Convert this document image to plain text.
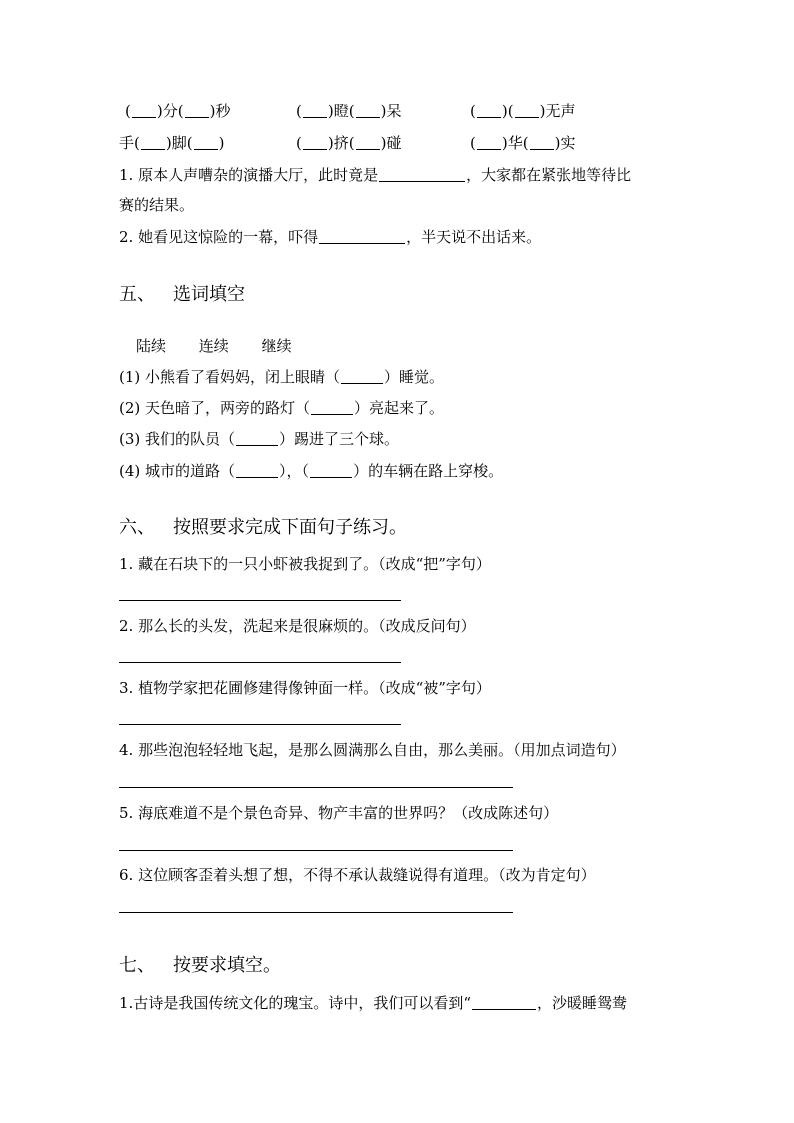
( )分( )秒	( )瞪( )呆	( )( )无声
手( )脚( )	( )挤( )碰	( )华( )实
1. 原本人声嘈杂的演播大厅，此时竟是	，大家都在紧张地等待比
赛的结果。
2. 她看见这惊险的一幕，吓得	，半天说不出话来。
五、 选词填空
陆续 连续 继续
(1) 小熊看了看妈妈，闭上眼睛（	）睡觉。
(2) 天色暗了，两旁的路灯（	）亮起来了。
(3) 我们的队员（	）踢进了三个球。
(4) 城市的道路（	），（	）的车辆在路上穿梭。
六、 按照要求完成下面句子练习。
1. 藏在石块下的一只小虾被我捉到了。（改成“把”字句）
2. 那么长的头发，洗起来是很麻烦的。（改成反问句）
3. 植物学家把花圃修建得像钟面一样。（改成“被”字句）
4. 那些泡泡轻轻地飞起，是那么圆满那么自由，那么美丽。（用加点词造句）
5. 海底难道不是个景色奇异、物产丰富的世界吗？（改成陈述句）
6. 这位顾客歪着头想了想，不得不承认裁缝说得有道理。（改为肯定句）
七、 按要求填空。
1.古诗是我国传统文化的瑰宝。诗中，我们可以看到“	，沙暖睡鸳鸯
